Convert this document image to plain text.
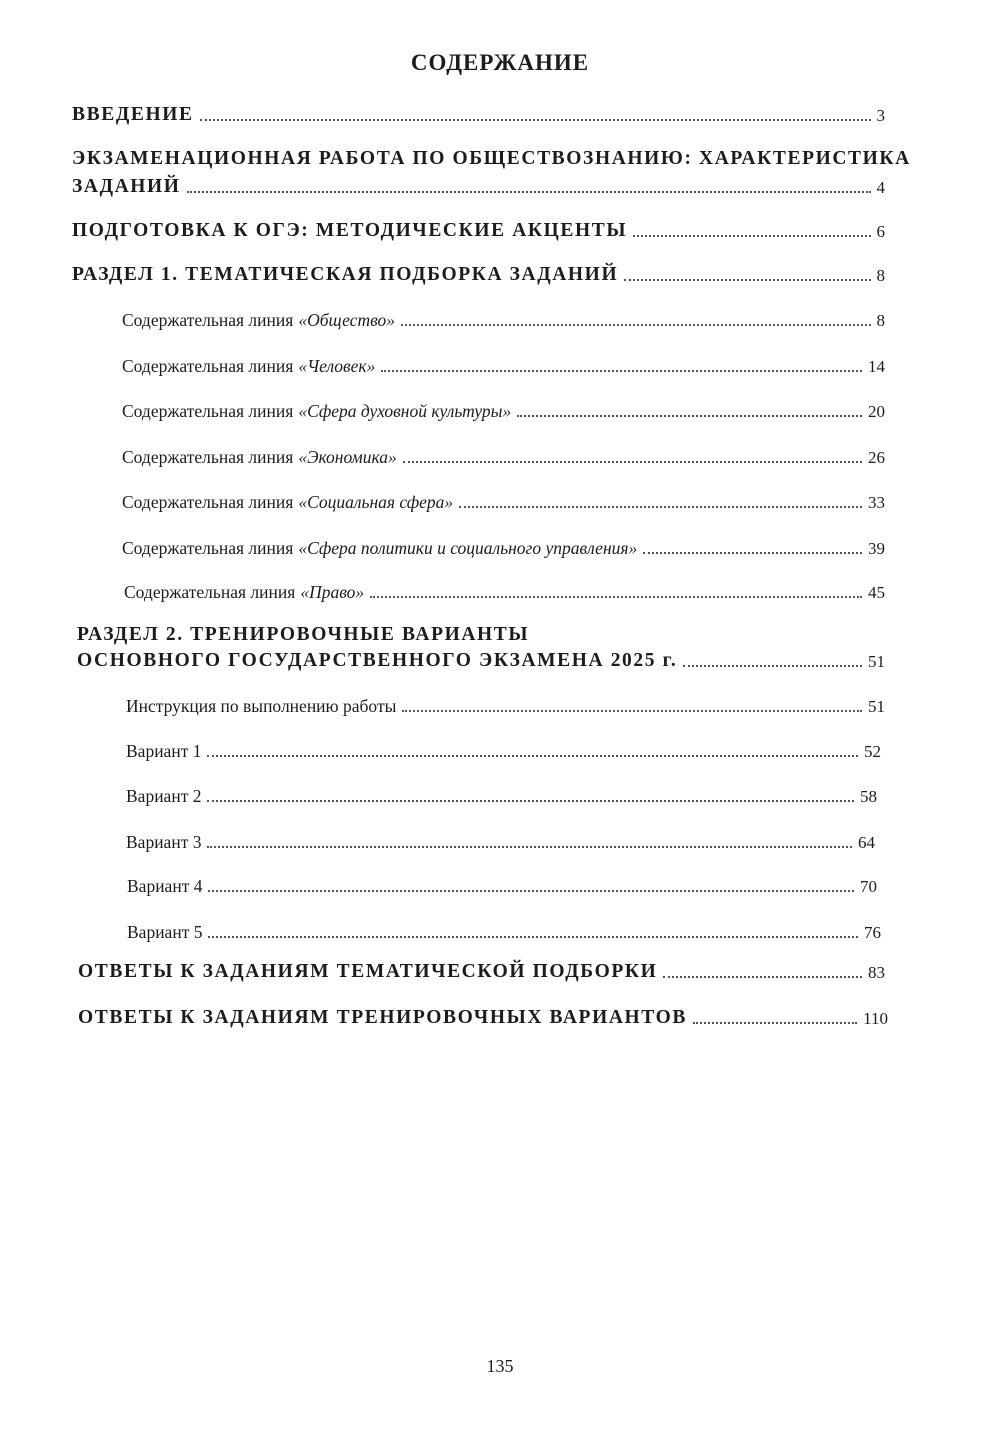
СОДЕРЖАНИЕ
ВВЕДЕНИЕ	3
ЭКЗАМЕНАЦИОННАЯ РАБОТА ПО ОБЩЕСТВОЗНАНИЮ: ХАРАКТЕРИСТИКА
ЗАДАНИЙ	4
ПОДГОТОВКА К ОГЭ: МЕТОДИЧЕСКИЕ АКЦЕНТЫ	6
РАЗДЕЛ 1. ТЕМАТИЧЕСКАЯ ПОДБОРКА ЗАДАНИЙ	8
Содержательная линия «Общество»	8
Содержательная линия «Человек»	14
Содержательная линия «Сфера духовной культуры»	20
Содержательная линия «Экономика»	26
Содержательная линия «Социальная сфера»	33
Содержательная линия «Сфера политики и социального управления»	39
Содержательная линия «Право»	45
РАЗДЕЛ 2. ТРЕНИРОВОЧНЫЕ ВАРИАНТЫ
ОСНОВНОГО ГОСУДАРСТВЕННОГО ЭКЗАМЕНА 2025 г.	51
Инструкция по выполнению работы	51
Вариант 1	52
Вариант 2	58
Вариант 3	64
Вариант 4	70
Вариант 5	76
ОТВЕТЫ К ЗАДАНИЯМ ТЕМАТИЧЕСКОЙ ПОДБОРКИ	83
ОТВЕТЫ К ЗАДАНИЯМ ТРЕНИРОВОЧНЫХ ВАРИАНТОВ	110
135
